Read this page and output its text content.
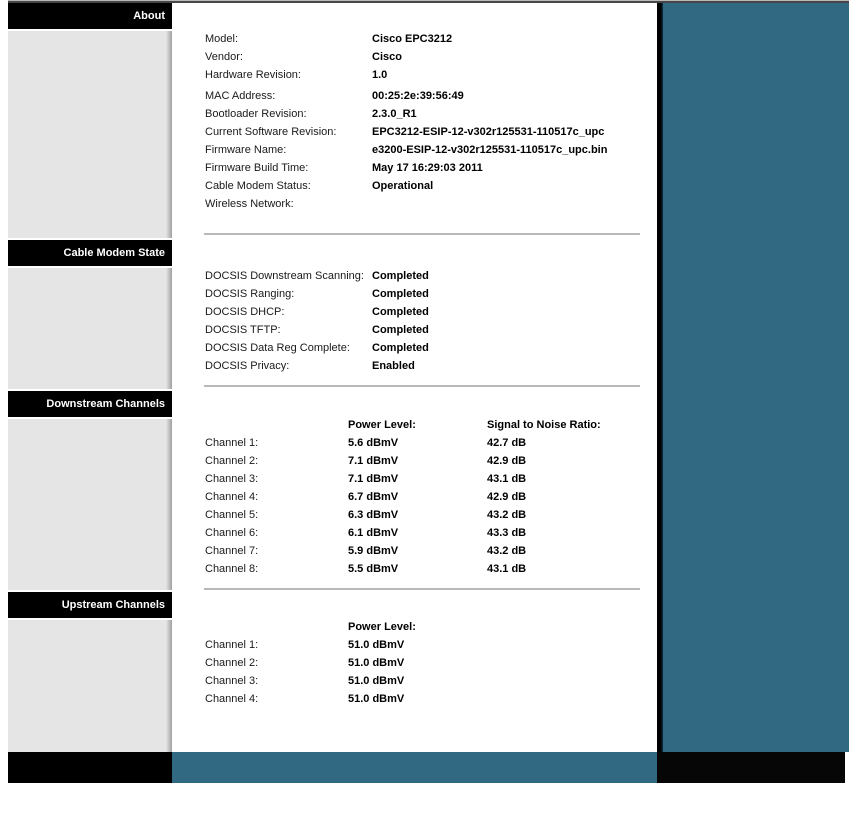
About
Cable Modem State
Downstream Channels
Upstream Channels
Model:	Cisco EPC3212
Vendor:	Cisco
Hardware Revision:	1.0
MAC Address:	00:25:2e:39:56:49
Bootloader Revision:	2.3.0_R1
Current Software Revision:	EPC3212-ESIP-12-v302r125531-110517c_upc
Firmware Name:	e3200-ESIP-12-v302r125531-110517c_upc.bin
Firmware Build Time:	May 17 16:29:03 2011
Cable Modem Status:	Operational
Wireless Network:
DOCSIS Downstream Scanning: Completed
DOCSIS Ranging:	Completed
DOCSIS DHCP:	Completed
DOCSIS TFTP:	Completed
DOCSIS Data Reg Complete: Completed
DOCSIS Privacy:	Enabled
Power Level:	Signal to Noise Ratio:
Channel 1:	5.6 dBmV	42.7 dB
Channel 2:	7.1 dBmV	42.9 dB
Channel 3:	7.1 dBmV	43.1 dB
Channel 4:	6.7 dBmV	42.9 dB
Channel 5:	6.3 dBmV	43.2 dB
Channel 6:	6.1 dBmV	43.3 dB
Channel 7:	5.9 dBmV	43.2 dB
Channel 8:	5.5 dBmV	43.1 dB
Power Level:
Channel 1:	51.0 dBmV
Channel 2:	51.0 dBmV
Channel 3:	51.0 dBmV
Channel 4:	51.0 dBmV
